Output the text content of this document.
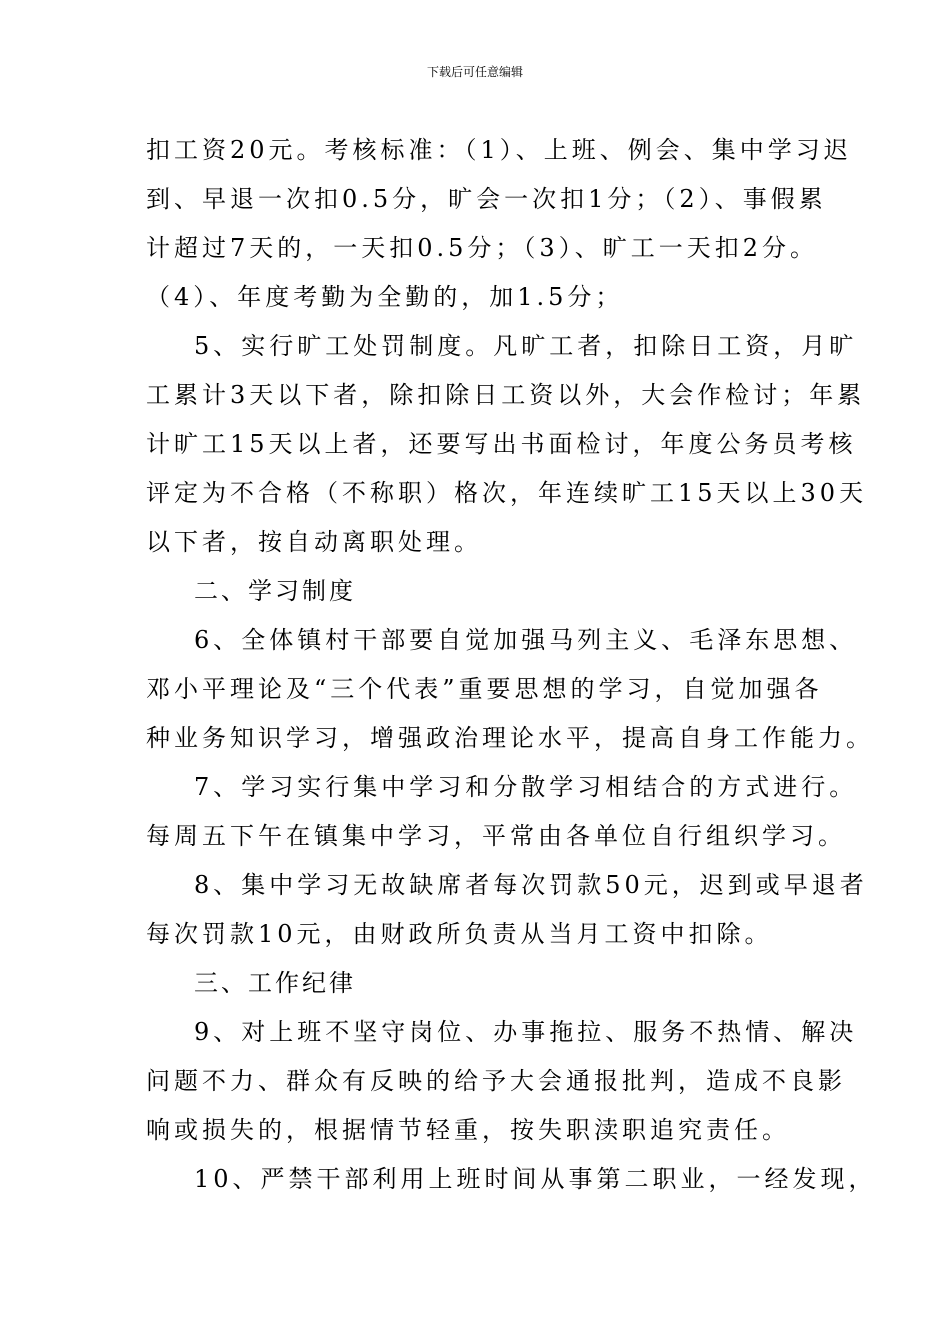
下载后可任意编辑
扣工资20元。考核标准：（1）、上班、例会、集中学习迟
到、早退一次扣0.5分，旷会一次扣1分；（2）、事假累
计超过7天的，一天扣0.5分；（3）、旷工一天扣2分。
（4）、年度考勤为全勤的，加1.5分；
5、实行旷工处罚制度。凡旷工者，扣除日工资，月旷
工累计3天以下者，除扣除日工资以外，大会作检讨；年累
计旷工15天以上者，还要写出书面检讨，年度公务员考核
评定为不合格（不称职）格次，年连续旷工15天以上30天
以下者，按自动离职处理。
二、学习制度
6、全体镇村干部要自觉加强马列主义、毛泽东思想、
邓小平理论及“三个代表”重要思想的学习，自觉加强各
种业务知识学习，增强政治理论水平，提高自身工作能力。
7、学习实行集中学习和分散学习相结合的方式进行。
每周五下午在镇集中学习，平常由各单位自行组织学习。
8、集中学习无故缺席者每次罚款50元，迟到或早退者
每次罚款10元，由财政所负责从当月工资中扣除。
三、工作纪律
9、对上班不坚守岗位、办事拖拉、服务不热情、解决
问题不力、群众有反映的给予大会通报批判，造成不良影
响或损失的，根据情节轻重，按失职渎职追究责任。
10、严禁干部利用上班时间从事第二职业，一经发现，
